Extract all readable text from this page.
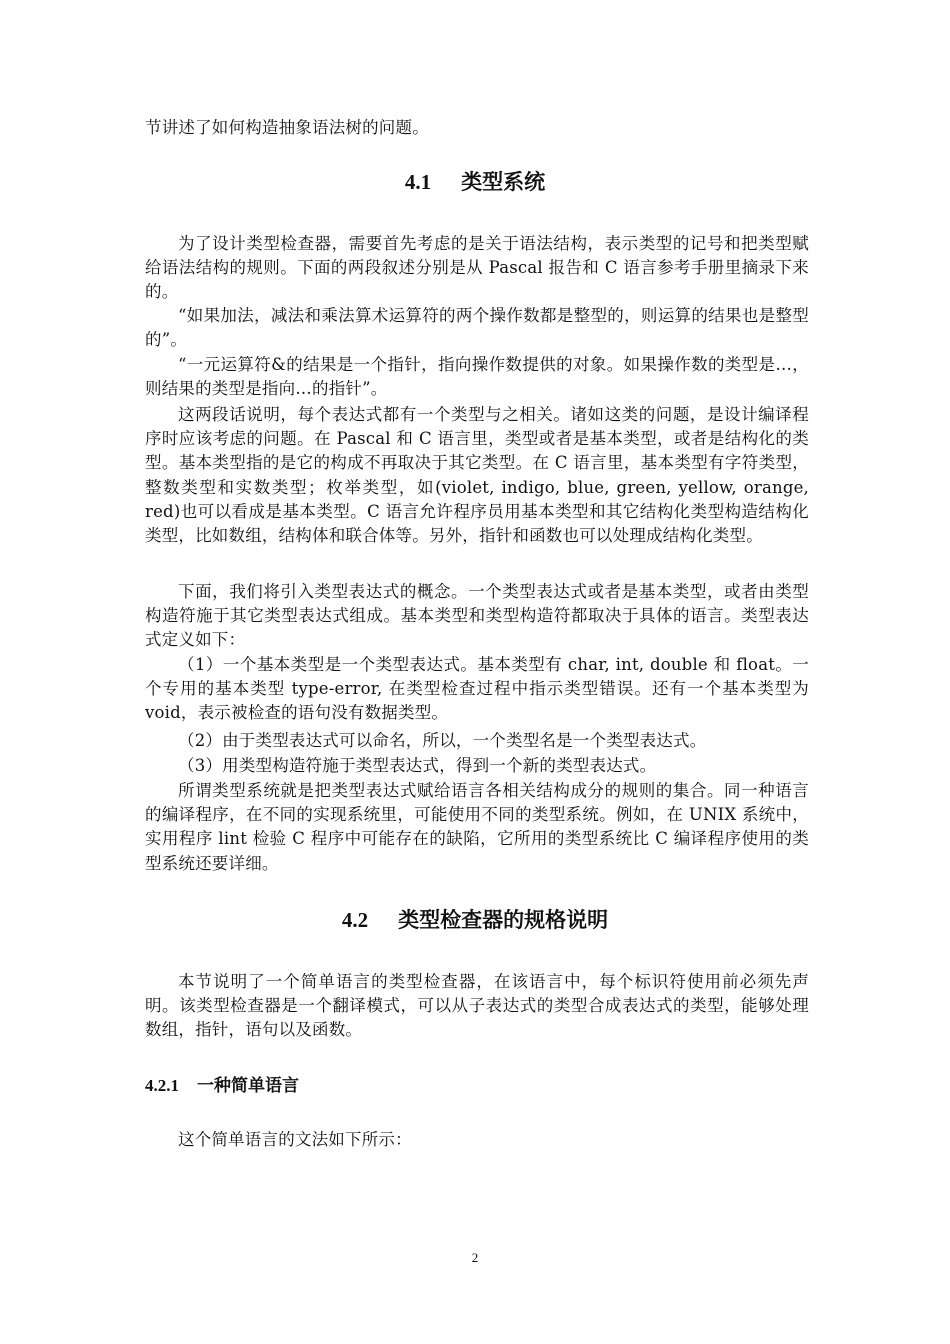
节讲述了如何构造抽象语法树的问题。

4.1 类型系统

为了设计类型检查器，需要首先考虑的是关于语法结构，表示类型的记号和把类型赋给语法结构的规则。下面的两段叙述分别是从 Pascal 报告和 C 语言参考手册里摘录下来的。

“如果加法，减法和乘法算术运算符的两个操作数都是整型的，则运算的结果也是整型的”。

“一元运算符&的结果是一个指针，指向操作数提供的对象。如果操作数的类型是…，则结果的类型是指向…的指针”。

这两段话说明，每个表达式都有一个类型与之相关。诸如这类的问题，是设计编译程序时应该考虑的问题。在 Pascal 和 C 语言里，类型或者是基本类型，或者是结构化的类型。基本类型指的是它的构成不再取决于其它类型。在 C 语言里，基本类型有字符类型，整数类型和实数类型；枚举类型，如(violet, indigo, blue, green, yellow, orange, red)也可以看成是基本类型。C 语言允许程序员用基本类型和其它结构化类型构造结构化类型，比如数组，结构体和联合体等。另外，指针和函数也可以处理成结构化类型。

下面，我们将引入类型表达式的概念。一个类型表达式或者是基本类型，或者由类型构造符施于其它类型表达式组成。基本类型和类型构造符都取决于具体的语言。类型表达式定义如下：

（1）一个基本类型是一个类型表达式。基本类型有 char, int, double 和 float。一个专用的基本类型 type-error, 在类型检查过程中指示类型错误。还有一个基本类型为 void，表示被检查的语句没有数据类型。

（2）由于类型表达式可以命名，所以，一个类型名是一个类型表达式。

（3）用类型构造符施于类型表达式，得到一个新的类型表达式。

所谓类型系统就是把类型表达式赋给语言各相关结构成分的规则的集合。同一种语言的编译程序，在不同的实现系统里，可能使用不同的类型系统。例如，在 UNIX 系统中，实用程序 lint 检验 C 程序中可能存在的缺陷，它所用的类型系统比 C 编译程序使用的类型系统还要详细。

4.2 类型检查器的规格说明

本节说明了一个简单语言的类型检查器，在该语言中，每个标识符使用前必须先声明。该类型检查器是一个翻译模式，可以从子表达式的类型合成表达式的类型，能够处理数组，指针，语句以及函数。

4.2.1 一种简单语言

这个简单语言的文法如下所示：

2
